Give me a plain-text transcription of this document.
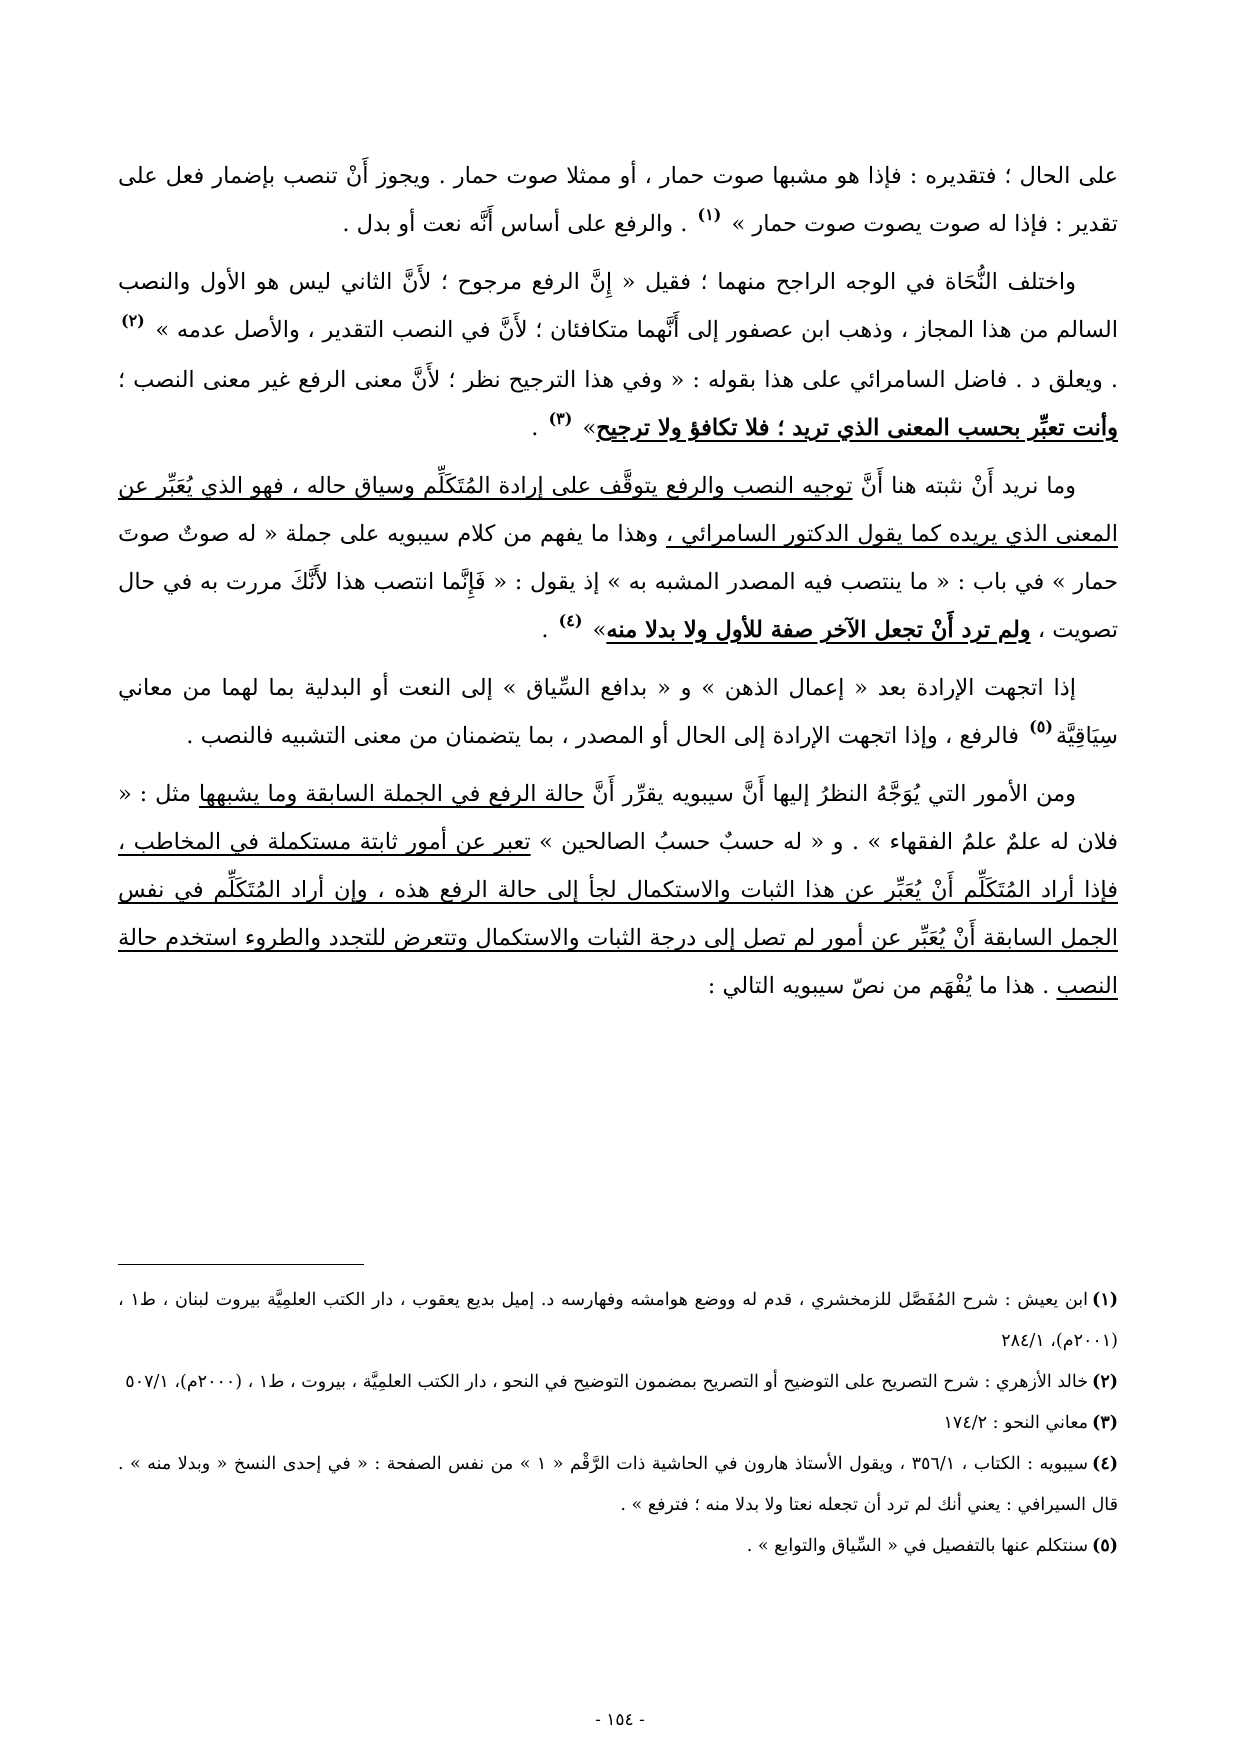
على الحال ؛ فتقديره : فإذا هو مشبها صوت حمار ، أو ممثلا صوت حمار . ويجوز أَنْ تنصب بإضمار فعل على تقدير : فإذا له صوت يصوت صوت حمار » $^{(١)}$ . والرفع على أساس أَنَّه نعت أو بدل .

واختلف النُّحَاة في الوجه الراجح منهما ؛ فقيل « إِنَّ الرفع مرجوح ؛ لأَنَّ الثاني ليس هو الأول والنصب السالم من هذا المجاز ، وذهب ابن عصفور إلى أَنَّهما متكافئان ؛ لأَنَّ في النصب التقدير ، والأصل عدمه » $^{(٢)}$ . ويعلق د . فاضل السامرائي على هذا بقوله : « وفي هذا الترجيح نظر ؛ لأَنَّ معنى الرفع غير معنى النصب ؛ وأنت تعبِّر بحسب المعنى الذي تريد ؛ فلا تكافؤ ولا ترجيح» $^{(٣)}$ .

وما نريد أَنْ نثبته هنا أَنَّ توجيه النصب والرفع يتوقَّف على إرادة المُتَكَلِّم وسياق حاله ، فهو الذي يُعَبِّر عن المعنى الذي يريده كما يقول الدكتور السامرائي ، وهذا ما يفهم من كلام سيبويه على جملة « له صوتٌ صوتَ حمار » في باب : « ما ينتصب فيه المصدر المشبه به » إذ يقول : « فَإِنَّما انتصب هذا لأَنَّكَ مررت به في حال تصويت ، ولم ترد أَنْ تجعل الآخر صفة للأول ولا بدلا منه» $^{(٤)}$ .

إذا اتجهت الإرادة بعد « إعمال الذهن » و « بدافع السِّياق » إلى النعت أو البدلية بما لهما من معاني سِيَاقِيَّة$^{(٥)}$ فالرفع ، وإذا اتجهت الإرادة إلى الحال أو المصدر ، بما يتضمنان من معنى التشبيه فالنصب .

ومن الأمور التي يُوَجَّهُ النظرُ إليها أَنَّ سيبويه يقرِّر أَنَّ حالة الرفع في الجملة السابقة وما يشبهها مثل : « فلان له علمٌ علمُ الفقهاء » . و « له حسبٌ حسبُ الصالحين » تعبر عن أمور ثابتة مستكملة في المخاطب ، فإذا أراد المُتَكَلِّم أَنْ يُعَبِّر عن هذا الثبات والاستكمال لجأ إلى حالة الرفع هذه ، وإن أراد المُتَكَلِّم في نفس الجمل السابقة أَنْ يُعَبِّر عن أمور لم تصل إلى درجة الثبات والاستكمال وتتعرض للتجدد والطروء استخدم حالة النصب . هذا ما يُفْهَم من نصّ سيبويه التالي :

(١)ابن يعيش : شرح المُفَصَّل للزمخشري ، قدم له ووضع هوامشه وفهارسه د. إميل بديع يعقوب ، دار الكتب العلمِيَّة بيروت لبنان ، ط١ ، (٢٠٠١م)، ٢٨٤/١

(٢)خالد الأزهري : شرح التصريح على التوضيح أو التصريح بمضمون التوضيح في النحو ، دار الكتب العلمِيَّة ، بيروت ، ط١ ، (٢٠٠٠م)، ٥٠٧/١

(٣)معاني النحو : ١٧٤/٢

(٤)سيبويه : الكتاب ، ٣٥٦/١ ، ويقول الأستاذ هارون في الحاشية ذات الرَّقْم « ١ » من نفس الصفحة : « في إحدى النسخ « وبدلا منه » . قال السيرافي : يعني أنك لم ترد أن تجعله نعتا ولا بدلا منه ؛ فترفع » .

(٥)سنتكلم عنها بالتفصيل في « السِّياق والتوابع » .

- ١٥٤ -
